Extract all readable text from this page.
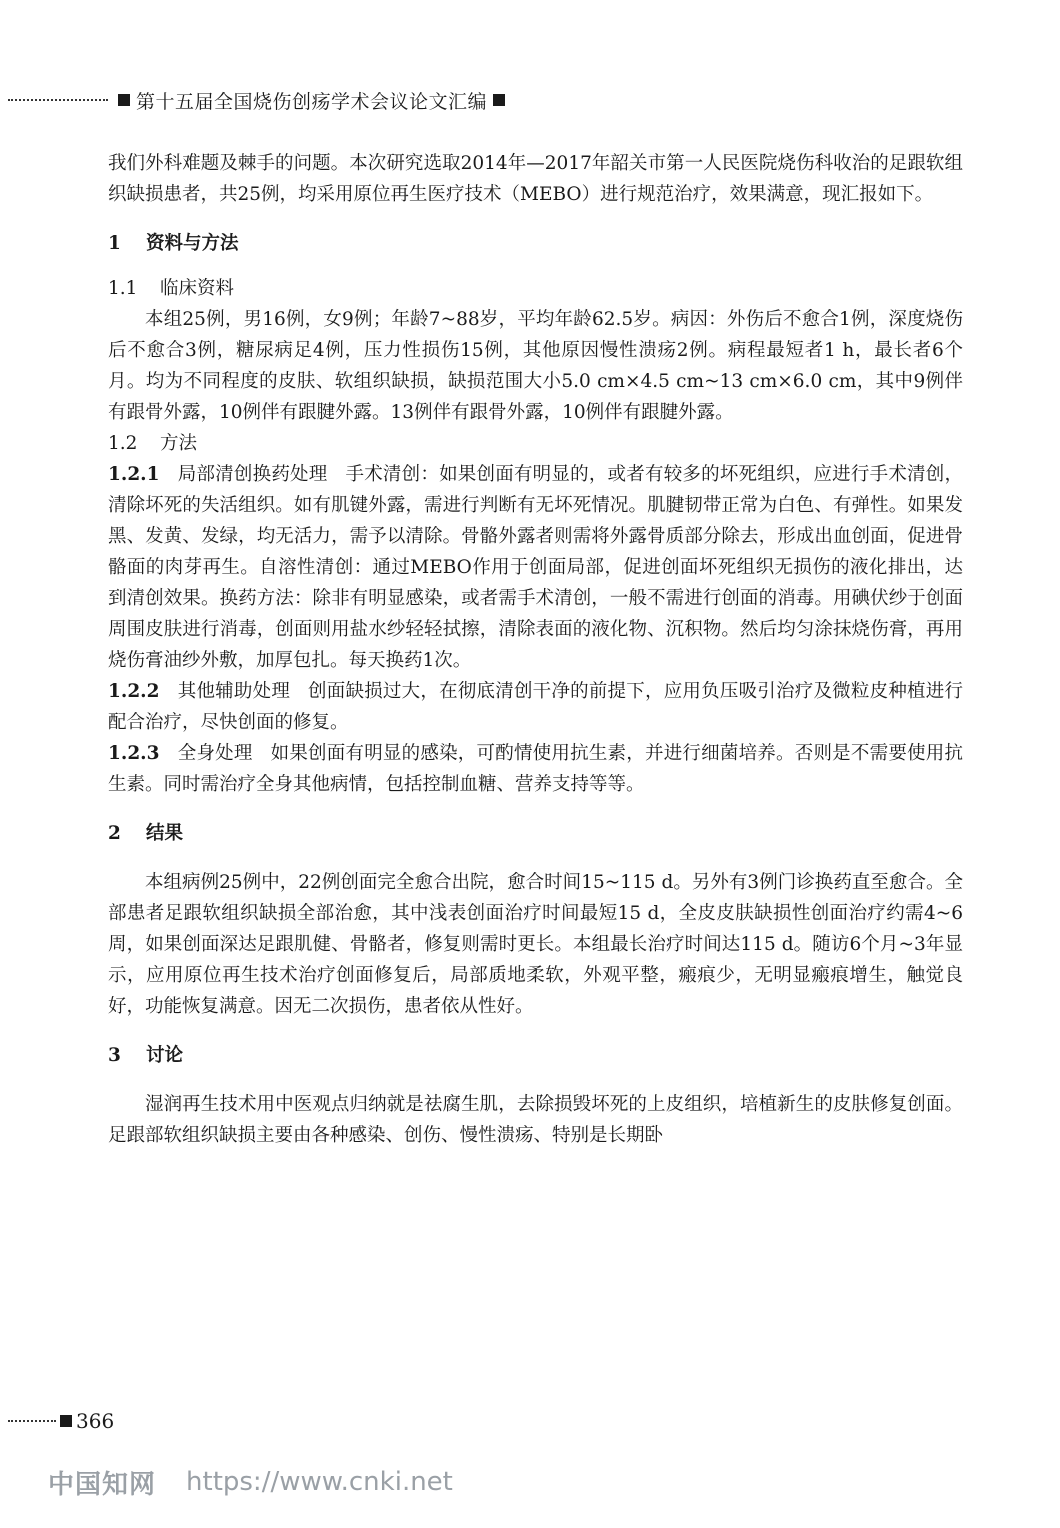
第十五届全国烧伤创疡学术会议论文汇编

我们外科难题及棘手的问题。本次研究选取2014年—2017年韶关市第一人民医院烧伤科收治的足跟软组织缺损患者，共25例，均采用原位再生医疗技术（MEBO）进行规范治疗，效果满意，现汇报如下。

1 资料与方法
1.1 临床资料

本组25例，男16例，女9例；年龄7~88岁，平均年龄62.5岁。病因：外伤后不愈合1例，深度烧伤后不愈合3例，糖尿病足4例，压力性损伤15例，其他原因慢性溃疡2例。病程最短者1 h，最长者6个月。均为不同程度的皮肤、软组织缺损，缺损范围大小5.0 cm×4.5 cm~13 cm×6.0 cm，其中9例伴有跟骨外露，10例伴有跟腱外露。13例伴有跟骨外露，10例伴有跟腱外露。

1.2 方法

1.2.1 局部清创换药处理 手术清创：如果创面有明显的，或者有较多的坏死组织，应进行手术清创，清除坏死的失活组织。如有肌键外露，需进行判断有无坏死情况。肌腱韧带正常为白色、有弹性。如果发黑、发黄、发绿，均无活力，需予以清除。骨骼外露者则需将外露骨质部分除去，形成出血创面，促进骨骼面的肉芽再生。自溶性清创：通过MEBO作用于创面局部，促进创面坏死组织无损伤的液化排出，达到清创效果。换药方法：除非有明显感染，或者需手术清创，一般不需进行创面的消毒。用碘伏纱于创面周围皮肤进行消毒，创面则用盐水纱轻轻拭擦，清除表面的液化物、沉积物。然后均匀涂抹烧伤膏，再用烧伤膏油纱外敷，加厚包扎。每天换药1次。

1.2.2 其他辅助处理 创面缺损过大，在彻底清创干净的前提下，应用负压吸引治疗及微粒皮种植进行配合治疗，尽快创面的修复。

1.2.3 全身处理 如果创面有明显的感染，可酌情使用抗生素，并进行细菌培养。否则是不需要使用抗生素。同时需治疗全身其他病情，包括控制血糖、营养支持等等。

2 结果

本组病例25例中，22例创面完全愈合出院，愈合时间15~115 d。另外有3例门诊换药直至愈合。全部患者足跟软组织缺损全部治愈，其中浅表创面治疗时间最短15 d，全皮皮肤缺损性创面治疗约需4~6周，如果创面深达足跟肌健、骨骼者，修复则需时更长。本组最长治疗时间达115 d。随访6个月~3年显示，应用原位再生技术治疗创面修复后，局部质地柔软，外观平整，瘢痕少，无明显瘢痕增生，触觉良好，功能恢复满意。因无二次损伤，患者依从性好。

3 讨论

湿润再生技术用中医观点归纳就是祛腐生肌，去除损毁坏死的上皮组织，培植新生的皮肤修复创面。足跟部软组织缺损主要由各种感染、创伤、慢性溃疡、特别是长期卧

366
中国知网 https://www.cnki.net
